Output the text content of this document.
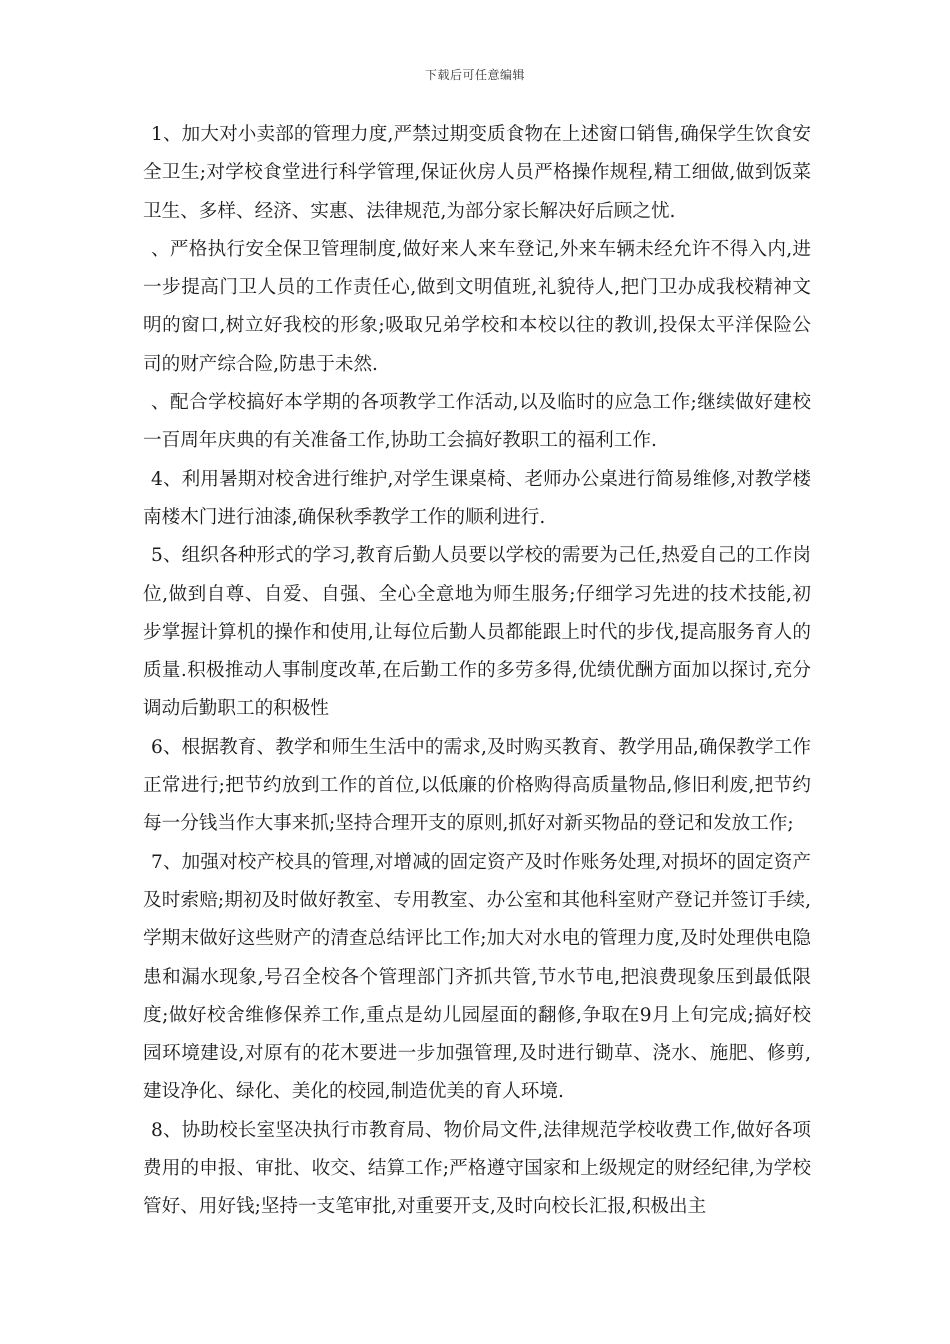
下载后可任意编辑

1、加大对小卖部的管理力度,严禁过期变质食物在上述窗口销售,确保学生饮食安全卫生;对学校食堂进行科学管理,保证伙房人员严格操作规程,精工细做,做到饭菜卫生、多样、经济、实惠、法律规范,为部分家长解决好后顾之忧.

、严格执行安全保卫管理制度,做好来人来车登记,外来车辆未经允许不得入内,进一步提高门卫人员的工作责任心,做到文明值班,礼貌待人,把门卫办成我校精神文明的窗口,树立好我校的形象;吸取兄弟学校和本校以往的教训,投保太平洋保险公司的财产综合险,防患于未然.

、配合学校搞好本学期的各项教学工作活动,以及临时的应急工作;继续做好建校一百周年庆典的有关准备工作,协助工会搞好教职工的福利工作.

4、利用暑期对校舍进行维护,对学生课桌椅、老师办公桌进行简易维修,对教学楼南楼木门进行油漆,确保秋季教学工作的顺利进行.

5、组织各种形式的学习,教育后勤人员要以学校的需要为己任,热爱自己的工作岗位,做到自尊、自爱、自强、全心全意地为师生服务;仔细学习先进的技术技能,初步掌握计算机的操作和使用,让每位后勤人员都能跟上时代的步伐,提高服务育人的质量.积极推动人事制度改革,在后勤工作的多劳多得,优绩优酬方面加以探讨,充分调动后勤职工的积极性

6、根据教育、教学和师生生活中的需求,及时购买教育、教学用品,确保教学工作正常进行;把节约放到工作的首位,以低廉的价格购得高质量物品,修旧利废,把节约每一分钱当作大事来抓;坚持合理开支的原则,抓好对新买物品的登记和发放工作;

7、加强对校产校具的管理,对增减的固定资产及时作账务处理,对损坏的固定资产及时索赔;期初及时做好教室、专用教室、办公室和其他科室财产登记并签订手续,学期末做好这些财产的清查总结评比工作;加大对水电的管理力度,及时处理供电隐患和漏水现象,号召全校各个管理部门齐抓共管,节水节电,把浪费现象压到最低限度;做好校舍维修保养工作,重点是幼儿园屋面的翻修,争取在9月上旬完成;搞好校园环境建设,对原有的花木要进一步加强管理,及时进行锄草、浇水、施肥、修剪,建设净化、绿化、美化的校园,制造优美的育人环境.

8、协助校长室坚决执行市教育局、物价局文件,法律规范学校收费工作,做好各项费用的申报、审批、收交、结算工作;严格遵守国家和上级规定的财经纪律,为学校管好、用好钱;坚持一支笔审批,对重要开支,及时向校长汇报,积极出主
